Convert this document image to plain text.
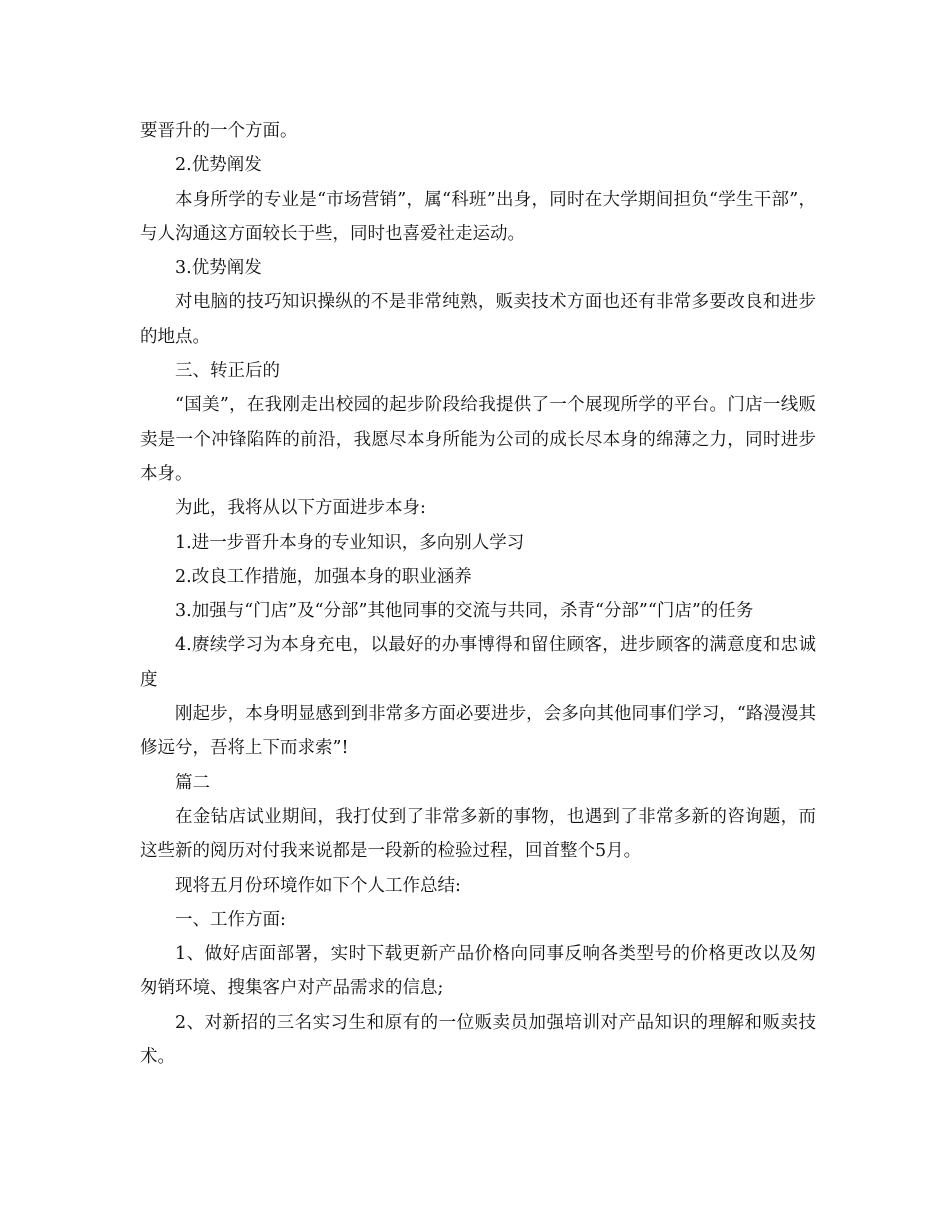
要晋升的一个方面。

2.优势阐发

本身所学的专业是“市场营销”，属“科班”出身，同时在大学期间担负“学生干部”，与人沟通这方面较长于些，同时也喜爱社走运动。

3.优势阐发

对电脑的技巧知识操纵的不是非常纯熟，贩卖技术方面也还有非常多要改良和进步的地点。

三、转正后的

“国美”，在我刚走出校园的起步阶段给我提供了一个展现所学的平台。门店一线贩卖是一个冲锋陷阵的前沿，我愿尽本身所能为公司的成长尽本身的绵薄之力，同时进步本身。

为此，我将从以下方面进步本身:

1.进一步晋升本身的专业知识，多向别人学习

2.改良工作措施，加强本身的职业涵养

3.加强与“门店”及“分部”其他同事的交流与共同，杀青“分部”“门店”的任务

4.赓续学习为本身充电，以最好的办事博得和留住顾客，进步顾客的满意度和忠诚度

刚起步，本身明显感到到非常多方面必要进步，会多向其他同事们学习，“路漫漫其修远兮，吾将上下而求索”!

篇二

在金钻店试业期间，我打仗到了非常多新的事物，也遇到了非常多新的咨询题，而这些新的阅历对付我来说都是一段新的检验过程，回首整个5月。

现将五月份环境作如下个人工作总结:

一、工作方面:

1、做好店面部署，实时下载更新产品价格向同事反响各类型号的价格更改以及匆匆销环境、搜集客户对产品需求的信息;

2、对新招的三名实习生和原有的一位贩卖员加强培训对产品知识的理解和贩卖技术。
